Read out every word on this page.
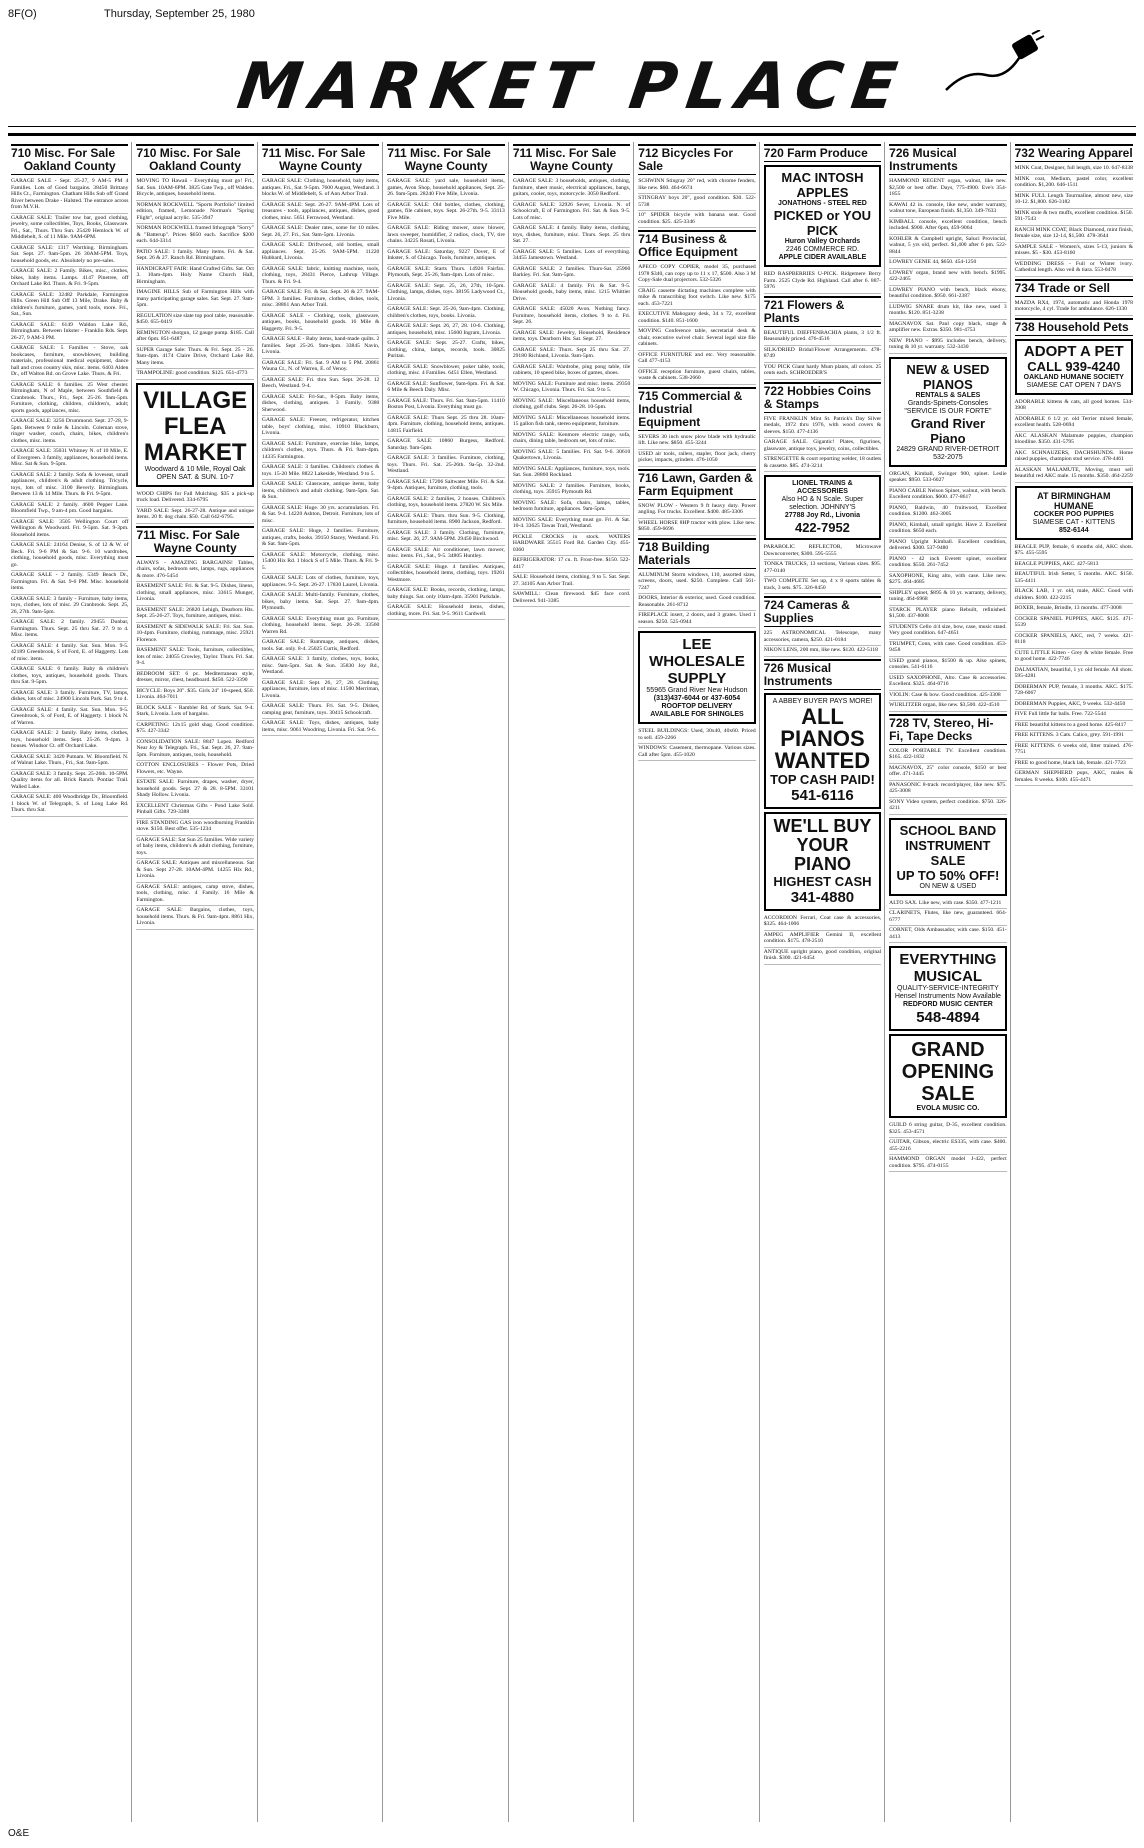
8F(O)	Thursday, September 25, 1980
MARKET PLACE
710 Misc. For Sale
Oakland County
GARAGE SALE - Sept. 25-27, 9 AM-5 PM 4 Families. Lots of Good bargains. 38450 Brittany Hills Ct., Farmington. Chatham Hills Sub off Grand River between Drake - Halsted. The entrance across from M.V.H.
GARAGE SALE: Trailer tow bar, good clothing, jewelry, some collectibles, Toys, Books, Glassware. Fri., Sat., Thurs. Thru Sun. 25420 Hemlock W. of Middlebelt, S. of 11 Mile. 9AM-6PM.
GARAGE SALE: 1317 Worthing. Birmingham. Sat. Sept. 27. 9am-5pm. 26 30AM-5PM. Toys, household goods, etc. Absolutely no pre-sales.
GARAGE SALE: 2 Family. Bikes, misc., clothes, bikes, baby items. Lamps. 4147 Pinetree, off Orchard Lake Rd. Thurs. & Fri. 9-5pm.
GARAGE SALE: 32482 Parkdale, Farmington Hills. Green Hill Sub Off 13 Mile, Drake. Baby & children's furniture, games, yard tools, more. Fri., Sat., Sun.
GARAGE SALE: 6149 Waldon Lake Rd., Birmingham. Between Inkster - Franklin Rds. Sept. 26-27, 9 AM-3 PM.
GARAGE SALE: 5 Families - Stove, oak bookcases, furniture, snowblower, building materials, professional medical equipment, dance hall and cross country skis, misc. items. 6403 Alden Dr., off Walton Rd. on Grove Lake. Thurs. & Fri.
GARAGE SALE: 6 families. 25 West chester. Birmingham, N of Maple, between Southfield & Cranbrook. Thurs., Fri., Sept. 25-26. 9am-5pm. Furniture, clothing, children, children's, adult; sports goods, appliances, misc.
GARAGE SALE: 3256 Drummond. Sept. 27-28, 9-5pm. Between 9 mile & Lincoln. Coleman stove, ringer washer, couch, chairs, bikes, children's clothes, misc. items.
GARAGE SALE: 35031 Whitney N. of 10 Mile, E. of Evergreen. 3 family, appliances, household items. Misc. Sat & Sun. 9-5pm.
GARAGE SALE: 2 family. Sofa & loveseat, small appliances, children's & adult clothing. Tricycle, toys, lots of misc. 3100 Beverly. Birmingham. Between 13 & 14 Mile. Thurs. & Fri. 9-5pm.
GARAGE SALE: 2 family. 4600 Pepper Lane. Bloomfield Twp., 9 am-4 pm. Good bargains.
GARAGE SALE: 3505 Wellington Court off Wellington & Woodward. Fri. 9-5pm. Sat. 9-3pm. Household items.
GARAGE SALE: 24164 Denise, S. of 12 & W. of Beck. Fri. 9-6 PM & Sat. 9-6. 10 wardrobes, clothing, household goods, misc. Everything must go.
GARAGE SALE - 2 family. 5349 Beach Dr., Farmington. Fri. & Sat. 9-6 PM. Misc. household items.
GARAGE SALE: 3 family - Furniture, baby items, toys, clothes, lots of misc. 29 Cranbrook. Sept. 25, 26, 27th. 9am-5pm.
GARAGE SALE: 2 family. 29455 Dunbar, Farmington. Thurs. Sept. 25 thru Sat. 27. 9 to 4. Misc. items.
GARAGE SALE: 4 family. Sat. Sun. Mon. 9-5. 42189 Greenbrook, S of Ford, E. of Haggerty. Lots of misc. items.
GARAGE SALE: 6 family. Baby & children's clothes, toys, antiques, household goods. Thurs. thru Sat. 9-5pm.
GARAGE SALE: 3 family. Furniture, TV, lamps, dishes, lots of misc. 24900 Lincoln Park. Sat. 9 to 4.
GARAGE SALE: 4 family. Sat. Sun. Mon. 9-5. Greenbrook, S. of Ford, E. of Haggerty. 1 block N. of Warren.
GARAGE SALE: 2 family. Baby items, clothes, toys, household items. Sept. 25-26. 9-4pm. 3 houses. Windsor Ct. off Orchard Lake.
GARAGE SALE: 3420 Putnam. W. Bloomfield. N. of Walnut Lake. Thurs., Fri., Sat. 9am-5pm.
GARAGE SALE: 3 family. Sept. 25-26th. 10-5PM. Quality items for all. Brick Ranch. Pontiac Trail. Walled Lake.
GARAGE SALE: 400 Woodbridge Dr., Bloomfield. 1 block W. of Telegraph, S. of Long Lake Rd. Thurs. thru Sat.
710 Misc. For Sale
Oakland County
MOVING TO Hawaii - Everything must go! Fri., Sat. Sun. 10AM-6PM. 3825 Gate Twp., off Walden. Bicycle, antiques, household items.
NORMAN ROCKWELL "Sports Portfolio" limited edition, framed, Lemonade Norman's "Spring Flight", original acrylic. 535-3947
NORMAN ROCKWELL framed lithograph "Sorry" & "Batterup". Prices $650 each. Sacrifice $200 each. 644-3314
PATIO SALE: 1 family. Many items. Fri. & Sat. Sept. 26 & 27. Ranch Rd. Birmingham.
HANDICRAFT FAIR: Hand Crafted Gifts. Sat. Oct 3. 10am-4pm. Holy Name Church Hall, Birmingham.
IMAGINE HILLS Sub of Farmington Hills with many participating garage sales. Sat. Sept. 27. 9am-5pm.
REGULATION size slate top pool table, reasonable. $450. 655-0419
REMINGTON shotgun, 12 gauge pump. $185. Call after 6pm. 851-6487
SUPER Garage Sale: Thurs. & Fri. Sept. 25 - 26. 9am-4pm. 4174 Claire Drive, Orchard Lake Rd. Many items.
TRAMPOLINE: good condition. $125. 651-4773
VILLAGE FLEA MARKET
Woodward & 10 Mile, Royal Oak
OPEN SAT. & SUN. 10-7
WOOD CHIPS for Fall Mulching. $35 a pick-up truck load. Delivered. 334-6795
YARD SALE: Sept. 26-27-28. Antique and unique items. 20 ft. dog chain. $50. Call 642-6795.
711 Misc. For Sale
Wayne County
ALWAYS - AMAZING BARGAINS! Tables, chairs, sofas, bedroom sets, lamps, rugs, appliances & more. 476-5454
BASEMENT SALE: Fri. & Sat. 9-5. Dishes, linens, clothing, small appliances, misc. 33615 Munger, Livonia.
BASEMENT SALE: 26820 Lehigh, Dearborn Hts. Sept. 25-26-27. Toys, furniture, antiques, misc.
BASEMENT & SIDEWALK SALE: Fri. Sat. Sun. 10-4pm. Furniture, clothing, rummage, misc. 25921 Florence.
BASEMENT SALE: Tools, furniture, collectibles, lots of misc. 24055 Crowley, Taylor. Thurs. Fri. Sat. 9-4.
BEDROOM SET: 6 pc. Mediterranean style, dresser, mirror, chest, headboard. $450. 522-3390
BICYCLE: Boys 20". $35. Girls 24" 10-speed, $50. Livonia. 464-7011
BLOCK SALE - Rambler Rd. of Stark. Sat. 9-4. Stark, Livonia. Lots of bargains.
CARPETING: 12x15 gold shag. Good condition. $75. 427-3342
CONSOLIDATION SALE: 8847 Lopez. Redford Near Joy & Telegraph. Fri., Sat. Sept. 26, 27. 9am-5pm. Furniture, antiques, tools, household.
COTTON ENCLOSURES - Flower Pots, Dried Flowers, etc. Wayne.
ESTATE SALE: Furniture, drapes, washer, dryer, household goods. Sept. 27 & 28. 8-5PM. 33101 Shady Hollow. Livonia.
EXCELLENT Christmas Gifts - Pond Lake Sold. Pinball Gifts. 729-3388
FIRE STANDING GAS iron woodburning Franklin stove. $150. Best offer. 535-1234
GARAGE SALE: Sat Sun 25 families. Wide variety of baby items, children's & adult clothing, furniture, toys.
GARAGE SALE: Antiques and miscellaneous. Sat & Sun. Sept 27-28. 10AM-4PM. 14255 Hix Rd., Livonia.
GARAGE SALE: antiques, camp stove, dishes, tools, clothing, misc. 4 Family. 16 Mile & Farmington.
GARAGE SALE: Bargains, clothes, toys, household items. Thurs. & Fri. 9am-4pm. 8861 Hix, Livonia.
711 Misc. For Sale
Wayne County
GARAGE SALE: Clothing, household, baby items, antiques. Fri., Sat. 9-5pm. 7600 August, Westland. 3 blocks W. of Middlebelt, S. of Ann Arbor Trail.
GARAGE SALE: Sept. 26-27. 9AM-4PM. Lots of treasures - tools, appliances, antiques, dishes, good clothes, misc. 5651 Fernwood, Westland.
GARAGE SALE: Dealer rates, some for 10 miles. Sept. 26, 27. Fri., Sat. 9am-5pm. Livonia.
GARAGE SALE: Driftwood, old bottles, small appliances. Sept. 25-26. 9AM-5PM. 11220 Hubbard, Livonia.
GARAGE SALE: fabric, knitting machine, tools, clothing, toys, 28431 Pierce, Lathrup Village. Thurs. & Fri. 9-4.
GARAGE SALE: Fri. & Sat. Sept. 26 & 27. 9AM-5PM. 3 families. Furniture, clothes, dishes, tools, misc. 38861 Ann Arbor Trail.
GARAGE SALE - Clothing, tools, glassware, antiques, books, household goods. 16 Mile & Haggerty. Fri. 9-5.
GARAGE SALE - Baby items, hand-made quilts. 2 families. Sept 25-26. 9am-4pm. 33845 Navin, Livonia.
GARAGE SALE: Fri. Sat. 9 AM to 5 PM. 20861 Wauna Ct., N. of Warren, E. of Venoy.
GARAGE SALE: Fri. thru Sun. Sept. 26-28. 12 Beech, Westland. 9-4.
GARAGE SALE: Fri-Sat., 8-5pm. Baby items, dishes, clothing, antiques. 3 Family. 9380 Sherwood.
GARAGE SALE: Freezer, refrigerator, kitchen table, boys' clothing, misc. 10910 Blackburn, Livonia.
GARAGE SALE: Furniture, exercise bike, lamps, children's clothes, toys. Thurs. & Fri. 9am-4pm. 14335 Farmington.
GARAGE SALE: 3 families. Children's clothes & toys. 15-20 Mile. 8822 Lakeside, Westland. 9 to 5.
GARAGE SALE: Glassware, antique items, baby items, children's and adult clothing. 9am-5pm. Sat. & Sun.
GARAGE SALE: Huge. 30 yrs. accumulation. Fri. & Sat. 9-4. 14220 Ashton, Detroit. Furniture, lots of misc.
GARAGE SALE: Huge, 2 families. Furniture, antiques, crafts, books. 39150 Stacey, Westland. Fri. & Sat. 9am-5pm.
GARAGE SALE: Motorcycle, clothing, misc. 15400 Hix Rd. 1 block S of 5 Mile. Thurs. & Fri. 9-5.
GARAGE SALE: Lots of clothes, furniture, toys, appliances. 9-5. Sept. 26-27. 17830 Laurel, Livonia.
GARAGE SALE: Multi-family. Furniture, clothes, bikes, baby items. Sat. Sept. 27. 9am-4pm. Plymouth.
GARAGE SALE: Everything must go. Furniture, clothing, household items. Sept. 26-28. 33560 Warren Rd.
GARAGE SALE: Rummage, antiques, dishes, tools. Sat. only. 8-4. 25025 Curtis, Redford.
GARAGE SALE: 3 family, clothes, toys, books, misc. 9am-5pm. Sat. & Sun. 35830 Joy Rd., Westland.
GARAGE SALE: Sept. 26, 27, 28. Clothing, appliances, furniture, lots of misc. 11500 Merriman, Livonia.
GARAGE SALE: Thurs. Fri. Sat. 9-5. Dishes, camping gear, furniture, toys. 30415 Schoolcraft.
GARAGE SALE: Toys, dishes, antiques, baby items, misc. 9061 Woodring, Livonia. Fri. Sat. 9-6.
711 Misc. For Sale
Wayne County
GARAGE SALE: yard sale, household items, games, Avon Shop, household appliances, Sept. 25-26. 9am-5pm. 28240 Five Mile, Livonia.
GARAGE SALE: Old bottles, clothes, clothing, games, file cabinet, toys. Sept. 26-27th. 9-5. 33113 Five Mile.
GARAGE SALE: Riding mower, snow blower, lawn sweeper, humidifier, 2 radios, clock, TV, tire chains. 34225 Rosati, Livonia.
GARAGE SALE: Saturday, 9227 Dover, E of Inkster, S. of Chicago. Tools, furniture, antiques.
GARAGE SALE: Starts Thurs. 14926 Fairfax. Plymouth, Sept. 25-26, 9am-4pm. Lots of misc.
GARAGE SALE: Sept. 25, 26, 27th, 10-5pm. Clothing, lamps, dishes, toys. 38195 Ladywood Ct., Livonia.
GARAGE SALE: Sept. 25-26, 9am-4pm. Clothing, children's clothes, toys, books. Livonia.
GARAGE SALE: Sept. 26, 27, 28. 10-6. Clothing, antiques, household, misc. 15600 Ingram, Livonia.
GARAGE SALE: Sept. 25-27. Crafts, bikes, clothing, china, lamps, records, tools. 30825 Puritan.
GARAGE SALE: Snowblower, poker table, tools, clothing, misc. 4 Families. 6451 Ellen, Westland.
GARAGE SALE: Sunflower, 9am-6pm. Fri. & Sat. 6 Mile & Beech Daly. Misc.
GARAGE SALE: Thurs. Fri. Sat. 9am-5pm. 11410 Boston Post, Livonia. Everything must go.
GARAGE SALE: Thurs Sept. 25 thru 28. 10am-4pm. Furniture, clothing, household items, antiques. 14815 Fairfield.
GARAGE SALE: 10860 Burgess, Redford. Saturday. 9am-5pm.
GARAGE SALE: 3 families. Furniture, clothing, toys. Thurs. Fri. Sat. 25-26th. 9a-5p. 32-2nd. Westland.
GARAGE SALE: 17206 Saltwater Mile. Fri. & Sat. 9-4pm. Antiques, furniture, clothing, tools.
GARAGE SALE: 2 families, 2 houses. Children's clothing, toys, household items. 27820 W. Six Mile.
GARAGE SALE: Thurs. thru Sun. 9-5. Clothing, furniture, household items. 8900 Jackson, Redford.
GARAGE SALE: 3 family. Clothing, furniture, misc. Sept. 26, 27. 9AM-5PM. 29450 Birchwood.
GARAGE SALE: Air conditioner, lawn mower, misc. items. Fri., Sat., 9-5. 34805 Huntley.
GARAGE SALE: Huge. 4 families. Antiques, collectibles, household items, clothing, toys. 19261 Westmore.
GARAGE SALE: Books, records, clothing, lamps, baby things. Sat. only 10am-4pm. 35901 Parkdale.
GARAGE SALE: Household items, dishes, clothing, more. Fri. Sat. 9-5. 9611 Cardwell.
711 Misc. For Sale
Wayne County
GARAGE SALE: 3 households, antiques, clothing, furniture, sheet music, electrical appliances, bangs, guitars, cooler, toys, motorcycle. 3050 Redford.
GARAGE SALE: 32926 Sever, Livonia. N. of Schoolcraft, E of Farmington. Fri. Sat. & Sun. 9-5. Lots of misc.
GARAGE SALE: 4 family. Baby items, clothing, toys, dishes, furniture, misc. Thurs. Sept. 25 thru Sat. 27.
GARAGE SALE: 5 families. Lots of everything. 34455 Jamestown. Westland.
GARAGE SALE: 2 families. Thurs-Sat. 25960 Barkley. Fri. Sat. 9am-5pm.
GARAGE SALE: 4 family. Fri. & Sat. 9-5. Household goods, baby items, misc. 1215 Whittier Drive.
GARAGE SALE: 45020 Avon. Nothing fancy. Furniture, household items, clothes. 9 to 4. Fri. Sept. 26.
GARAGE SALE: Jewelry, Household, Residence items, toys. Dearborn Hts. Sat. Sept. 27.
GARAGE SALE: Thurs. Sept 25 thru Sat. 27. 29180 Richland, Livonia. 9am-5pm.
GARAGE SALE: Wardrobe, ping pong table, tile cabinets, 10 speed bike, boxes of games, shoes.
MOVING SALE: Furniture and misc. items. 29350 W. Chicago, Livonia. Thurs. Fri. Sat. 9 to 5.
MOVING SALE: Miscellaneous household items, clothing, golf clubs. Sept. 26-28. 10-5pm.
MOVING SALE: Miscellaneous household items. 15 gallon fish tank, stereo equipment, furniture.
MOVING SALE: Kenmore electric range, sofa, chairs, dining table, bedroom set, lots of misc.
MOVING SALE: 5 families. Fri. Sat. 9-6. 30610 Quakertown, Livonia.
MOVING SALE: Appliances, furniture, toys, tools. Sat. Sun. 28860 Rockland.
MOVING SALE: 2 families. Furniture, books, clothing, toys. 35915 Plymouth Rd.
MOVING SALE: Sofa, chairs, lamps, tables, bedroom furniture, appliances. 9am-5pm.
MOVING SALE: Everything must go. Fri. & Sat. 10-4. 33625 Tawas Trail, Westland.
PICKLE CROCKS in stock. WATERS HARDWARE 35515 Ford Rd. Garden City. 455-0360
REFRIGERATOR: 17 cu. ft. Frost-free. $150. 522-4417
SALE: Household items, clothing. 9 to 5. Sat. Sept. 27. 34105 Ann Arbor Trail.
SAWMILL: Clean firewood. $45 face cord. Delivered. 941-3385
712 Bicycles For Sale
SCHWINN Stingray 20" red, with chrome fenders, like new. $60. 464-6674
STINGRAY boys 20", good condition. $30. 522-5738
10" SPIDER bicycle with banana seat. Good condition. $25. 425-3346
714 Business & Office Equipment
APECO COPY COPIER, model 35, purchased 1978 $340, can copy up to 11 x 17, $500. Also 3 M Copy-Sale dual projectors. 532-5326
CRAIG cassette dictating machines complete with mike & transcribing foot switch. Like new. $175 each. 453-7221
EXECUTIVE Mahogany desk, 34 x 72, excellent condition. $140. 851-1600
MOVING Conference table, secretarial desk & chair, executive swivel chair. Several legal size file cabinets.
OFFICE FURNITURE and etc. Very reasonable. Call 477-4153
OFFICE reception furniture, guest chairs, tables, waste & cabinets. 538-2660
715 Commercial & Industrial Equipment
SEVERS 30 inch snow plow blade with hydraulic lift. Like new. $850. 455-3244
USED air tools, railers, stapler, floor jack, cherry picker, impacts, grinders. 476-1050
716 Lawn, Garden & Farm Equipment
SNOW PLOW - Western 9 ft heavy duty. Power angling. For trucks. Excellent. $400. 485-3306
WHEEL HORSE 8HP tractor with plow. Like new. $850. 459-6696
718 Building Materials
ALUMINUM Storm windows, 110, assorted sizes, screens, doors, used. $250. Complete. Call 561-7247
DOORS, Interior & exterior, used. Good condition. Reasonable. 261-8712
FIREPLACE insert, 2 doors, and 3 grates. Used 1 season. $250. 525-0944
LEE WHOLESALE SUPPLY
55965 Grand River New Hudson
(313)437-6044 or 437-6054
ROOFTOP DELIVERY AVAILABLE FOR SHINGLES
STEEL BUILDINGS: Used, 30x40, 40x60. Priced to sell. 459-2266
WINDOWS: Casement, thermopane. Various sizes. Call after 5pm. 455-1020
720 Farm Produce
MAC INTOSH APPLES
JONATHONS - STEEL RED
PICKED or YOU PICK
Huron Valley Orchards
2246 COMMERCE RD.
APPLE CIDER AVAILABLE
RED RASPBERRIES U-PICK. Ridgemere Berry Farm. 2525 Clyde Rd. Highland. Call after 6. 887-5976
721 Flowers & Plants
BEAUTIFUL DIEFFENBACHIA plants, 3 1/2 ft. Reasonably priced. 476-4516
SILK/DRIED Bridal/Flower Arrangements. 478-8749
YOU PICK Giant hardy Mum plants, all colors. 25 cents each. SCHROEDER'S
722 Hobbies Coins & Stamps
FIVE FRANKLIN Mint St. Patrick's Day Silver medals, 1972 thru 1976, with wood covers & sleeves. $150. 477-4136
GARAGE SALE. Gigantic! Plates, figurines, glassware, antique toys, jewelry, coins, collectibles.
STRENGETTE & court reporting welder, 18 outlets & cassette. $85. 474-3214
LIONEL TRAINS & ACCESSORIES
Also HO & N Scale. Super selection. JOHNNY'S
27788 Joy Rd., Livonia
422-7952
PARABOLIC REFLECTOR, Microwave Downconverter, $300. 595-5555
TONKA TRUCKS, 13 sections, Various sizes. $95. 477-0140
TWO COMPLETE Set up, 4 x 8 sports tables & track, 3 sets. $75. 326-8450
724 Cameras & Supplies
225 ASTRONOMICAL Telescope, many accessories, camera, $250. 421-0184
NIKON LENS, 200 mm, like new. $120. 422-5118
726 Musical Instruments
A ABBEY BUYER PAYS MORE!
ALL PIANOS WANTED
TOP CASH PAID!
541-6116
WE'LL BUY YOUR PIANO
HIGHEST CASH
341-4880
ACCORDION Ferrari, Coat case & accessories, $325. 464-1006
AMPEG AMPLIFIER Gemini II, excellent condition. $175. 478-2510
ANTIQUE upright piano, good condition, original finish. $300. 421-6454
726 Musical Instruments
HAMMOND REGENT organ, walnut, like new. $2,500 or best offer. Days, 775-4900. Eve's 354-1855
KAWAI 42 in. console, like new, under warranty, walnut tone, European finish. $1,350. 349-7633
KIMBALL console, excellent condition, bench included. $900. After 6pm, 459-9064
KOHLER & Campbell upright, Saluci Provincial, walnut, 5 yrs old, perfect. $1,400 after 6 pm. 522-8844
LOWREY GENIE 44, $650. 454-1250
LOWREY organ, brand new with bench. $1995. 422-2465
LOWREY PIANO with bench, black ebony, beautiful condition. $950. 661-2387
LUDWIG SNARE drum kit, like new, used 3 months. $120. 851-3238
MAGNAVOX Sat. Paul copy black, stage & amplifier new. Extras. $350. 981-4753
NEW PIANO - $995 includes bench, delivery, tuning & 10 yr. warranty. 532-3430
NEW & USED PIANOS
RENTALS & SALES
Grands-Spinets-Consoles
"SERVICE IS OUR FORTE"
Grand River Piano
24829 GRAND RIVER-DETROIT 532-2075
ORGAN, Kimball, Swinger 900, spinet. Leslie speaker. $950. 533-6027
PIANO CABLE Nelson Spinet, walnut, with bench. Excellent condition. $600. 477-8617
PIANO, Baldwin, 40 fruitwood, Excellent condition. $1200. 462-3005
PIANO, Kimball, small upright. Have 2. Excellent condition. $650 each.
PIANO Upright Kimball. Excellent condition, delivered. $300. 537-9480
PIANO - 42 inch Everett spinet, excellent condition. $550. 261-7452
SAXOPHONE, King alto, with case. Like new. $275. 464-4685
SHIPLEY spinet, $895 & 10 yr. warranty, delivery, tuning. 464-6968
STARCK PLAYER piano Rebuilt, refinished. $1,500. 437-8008
STUDENTS Cello 4/4 size, bow, case, music stand. Very good condition. 647-4651
TRUMPET, Conn, with case. Good condition. 453-9458
USED grand pianos, $1500 & up. Also spinets, consoles. 541-6116
USED SAXOPHONE, Alto. Case & accessories. Excellent. $325. 464-0716
VIOLIN: Case & bow. Good condition. 425-3308
WURLITZER organ, like new. $3,500. 422-4510
728 TV, Stereo, Hi-Fi, Tape Decks
COLOR PORTABLE TV. Excellent condition. $165. 422-1832
MAGNAVOX, 25" color console, $150 or best offer. 471-3445
PANASONIC 8-track record/player, like new. $75. 425-3008
SONY Video system, perfect condition. $750. 326-4211
SCHOOL BAND INSTRUMENT SALE
UP TO 50% OFF!
ON NEW & USED
ALTO SAX. Like new, with case. $350. 477-1211
CLARINETS, Flutes, like new, guaranteed. 664-6777
CORNET, Olds Ambassador, with case. $150. 451-4413
EVERYTHING MUSICAL
QUALITY-SERVICE-INTEGRITY
Hensel Instruments Now Available
REDFORD MUSIC CENTER
548-4894
GRAND OPENING SALE
EVOLA MUSIC CO.
GUILD 6 string guitar, D-35, excellent condition. $325. 453-4571
GUITAR, Gibson, electric ES335, with case. $400. 455-2216
HAMMOND ORGAN model J-422, perfect condition. $795. 474-0155
732 Wearing Apparel
MINK Coat, Designer, full length, size 10. 647-8338
MINK coat, Medium, pastel color, excellent condition. $1,200. 646-1511
MINK FULL Length Tourmaline, almost new, size 10-12. $1,800. 626-3182
MINK stole & two muffs, excellent condition. $150. 591-7543
RANCH MINK COAT, Black Diamond, mint finish, female size, size 12-14, $1,500. 478-3644
SAMPLE SALE - Women's, sizes 5-13, juniors & misses. $5 - $30. 453-8160
WEDDING DRESS - Full or Winter ivory. Cathedral length. Also veil & tiara. 553-0478
734 Trade or Sell
MAZDA RX4, 1974, automatic and Honda 1978 motorcycle, 4 cyl. Trade for ambulance. 626-1330
738 Household Pets
ADOPT A PET
CALL 939-4240
OAKLAND HUMANE SOCIETY
SIAMESE CAT OPEN 7 DAYS
ADORABLE kittens & cats, all good homes. 534-3908
ADORABLE 6 1/2 yr. old Terrier mixed female, excellent health. 528-0694
AKC ALASKAN Malamute puppies, champion bloodline. $350. 431-5795
AKC SCHNAUZERS, DACHSHUNDS. Home raised puppies, champion stud service. 478-4461
ALASKAN MALAMUTE, Moving, must sell beautiful red AKC male. 15 months. $350. 464-2259
AT BIRMINGHAM HUMANE
COCKER POO PUPPIES
SIAMESE CAT - KITTENS
852-6144
BEAGLE PUP, female, 6 months old, AKC shots. $75. 455-5595
BEAGLE PUPPIES, AKC. 427-5813
BEAUTIFUL Irish Setter, 5 months. AKC. $150. 535-4411
BLACK LAB, 1 yr. old, male, AKC. Good with children. $100. 422-2215
BOXER, female, Brindle, 13 months. 477-3008
COCKER SPANIEL PUPPIES, AKC. $125. 471-5539
COCKER SPANIELS, AKC, red, 7 weeks. 421-0118
CUTE LITTLE Kitten - Grey & white female. Free to good home. 422-7746
DALMATIAN, beautiful, 1 yr. old female. All shots. 595-4281
DOBERMAN PUP, female, 3 months. AKC. $175. 728-6067
DOBERMAN Puppies, AKC, 9 weeks. 532-4450
FIVE Full little fur balls. Free. 722-5544
FREE beautiful kittens to a good home. 425-8417
FREE KITTENS. 3 Cats. Calico, grey. 591-1991
FREE KITTENS. 6 weeks old, litter trained. 476-7751
FREE to good home, black lab, female. 421-7723
GERMAN SHEPHERD pups, AKC, males & females. 8 weeks. $100. 455-4471
O&E
